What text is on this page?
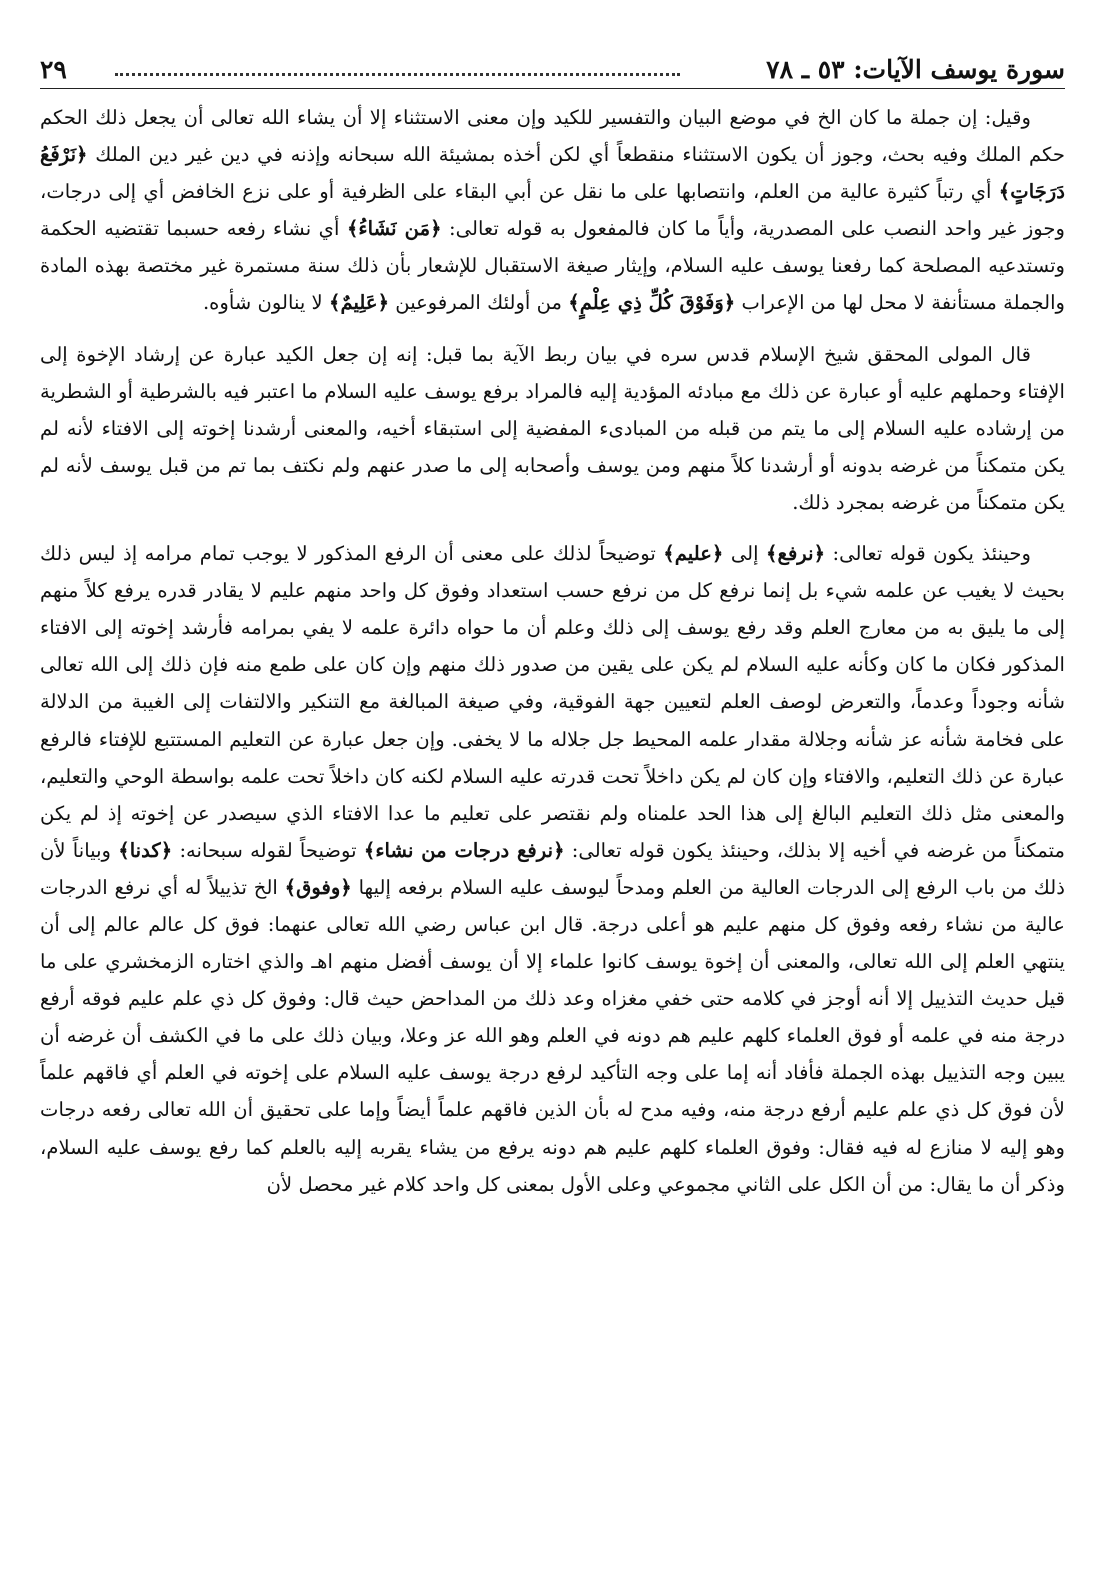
٢٩	سورة يوسف الآيات: ٥٣ ـ ٧٨

وقيل: إن جملة ما كان الخ في موضع البيان والتفسير للكيد وإن معنى الاستثناء إلا أن يشاء الله تعالى أن يجعل ذلك الحكم حكم الملك وفيه بحث، وجوز أن يكون الاستثناء منقطعاً أي لكن أخذه بمشيئة الله سبحانه وإذنه في دين غير دين الملك ﴿نَرْفَعُ دَرَجَاتٍ﴾ أي رتباً كثيرة عالية من العلم، وانتصابها على ما نقل عن أبي البقاء على الظرفية أو على نزع الخافض أي إلى درجات، وجوز غير واحد النصب على المصدرية، وأياً ما كان فالمفعول به قوله تعالى: ﴿مَن نَشَاءُ﴾ أي نشاء رفعه حسبما تقتضيه الحكمة وتستدعيه المصلحة كما رفعنا يوسف عليه السلام، وإيثار صيغة الاستقبال للإشعار بأن ذلك سنة مستمرة غير مختصة بهذه المادة والجملة مستأنفة لا محل لها من الإعراب ﴿وَفَوْقَ كُلِّ ذِي عِلْمٍ﴾ من أولئك المرفوعين ﴿عَلِيمٌ﴾ لا ينالون شأوه.

قال المولى المحقق شيخ الإسلام قدس سره في بيان ربط الآية بما قبل: إنه إن جعل الكيد عبارة عن إرشاد الإخوة إلى الإفتاء وحملهم عليه أو عبارة عن ذلك مع مبادئه المؤدية إليه فالمراد برفع يوسف عليه السلام ما اعتبر فيه بالشرطية أو الشطرية من إرشاده عليه السلام إلى ما يتم من قبله من المبادىء المفضية إلى استبقاء أخيه، والمعنى أرشدنا إخوته إلى الافتاء لأنه لم يكن متمكناً من غرضه بدونه أو أرشدنا كلاً منهم ومن يوسف وأصحابه إلى ما صدر عنهم ولم نكتف بما تم من قبل يوسف لأنه لم يكن متمكناً من غرضه بمجرد ذلك.

وحينئذ يكون قوله تعالى: ﴿نرفع﴾ إلى ﴿عليم﴾ توضيحاً لذلك على معنى أن الرفع المذكور لا يوجب تمام مرامه إذ ليس ذلك بحيث لا يغيب عن علمه شيء بل إنما نرفع كل من نرفع حسب استعداد وفوق كل واحد منهم عليم لا يقادر قدره يرفع كلاً منهم إلى ما يليق به من معارج العلم وقد رفع يوسف إلى ذلك وعلم أن ما حواه دائرة علمه لا يفي بمرامه فأرشد إخوته إلى الافتاء المذكور فكان ما كان وكأنه عليه السلام لم يكن على يقين من صدور ذلك منهم وإن كان على طمع منه فإن ذلك إلى الله تعالى شأنه وجوداً وعدماً، والتعرض لوصف العلم لتعيين جهة الفوقية، وفي صيغة المبالغة مع التنكير والالتفات إلى الغيبة من الدلالة على فخامة شأنه عز شأنه وجلالة مقدار علمه المحيط جل جلاله ما لا يخفى. وإن جعل عبارة عن التعليم المستتبع للإفتاء فالرفع عبارة عن ذلك التعليم، والافتاء وإن كان لم يكن داخلاً تحت قدرته عليه السلام لكنه كان داخلاً تحت علمه بواسطة الوحي والتعليم، والمعنى مثل ذلك التعليم البالغ إلى هذا الحد علمناه ولم نقتصر على تعليم ما عدا الافتاء الذي سيصدر عن إخوته إذ لم يكن متمكناً من غرضه في أخيه إلا بذلك، وحينئذ يكون قوله تعالى: ﴿نرفع درجات من نشاء﴾ توضيحاً لقوله سبحانه: ﴿كدنا﴾ وبياناً لأن ذلك من باب الرفع إلى الدرجات العالية من العلم ومدحاً ليوسف عليه السلام برفعه إليها ﴿وفوق﴾ الخ تذييلاً له أي نرفع الدرجات عالية من نشاء رفعه وفوق كل منهم عليم هو أعلى درجة. قال ابن عباس رضي الله تعالى عنهما: فوق كل عالم عالم إلى أن ينتهي العلم إلى الله تعالى، والمعنى أن إخوة يوسف كانوا علماء إلا أن يوسف أفضل منهم اهـ والذي اختاره الزمخشري على ما قيل حديث التذييل إلا أنه أوجز في كلامه حتى خفي مغزاه وعد ذلك من المداحض حيث قال: وفوق كل ذي علم عليم فوقه أرفع درجة منه في علمه أو فوق العلماء كلهم عليم هم دونه في العلم وهو الله عز وعلا، وبيان ذلك على ما في الكشف أن غرضه أن يبين وجه التذييل بهذه الجملة فأفاد أنه إما على وجه التأكيد لرفع درجة يوسف عليه السلام على إخوته في العلم أي فاقهم علماً لأن فوق كل ذي علم عليم أرفع درجة منه، وفيه مدح له بأن الذين فاقهم علماً أيضاً وإما على تحقيق أن الله تعالى رفعه درجات وهو إليه لا منازع له فيه فقال: وفوق العلماء كلهم عليم هم دونه يرفع من يشاء يقربه إليه بالعلم كما رفع يوسف عليه السلام، وذكر أن ما يقال: من أن الكل على الثاني مجموعي وعلى الأول بمعنى كل واحد كلام غير محصل لأن
